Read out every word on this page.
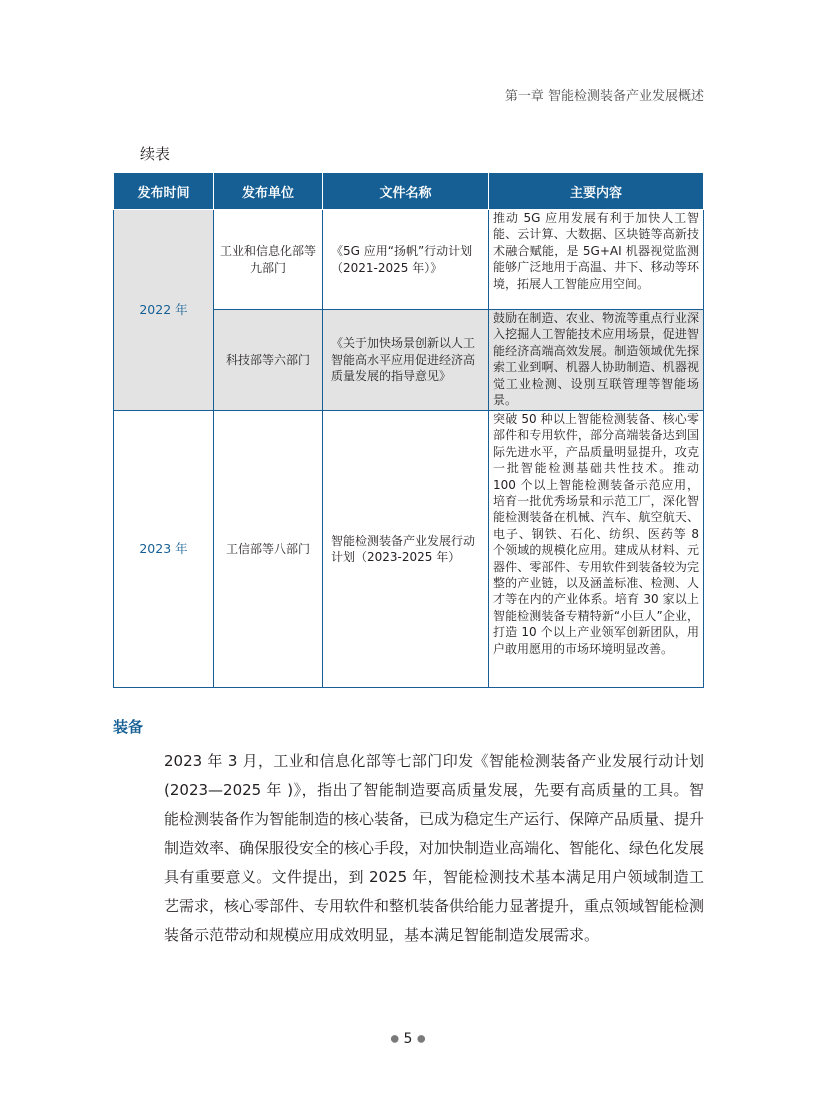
第一章 智能检测装备产业发展概述
续表
发布时间	发布单位	文件名称	主要内容
2022 年	工业和信息化部等九部门	《5G 应用“扬帆”行动计划（2021-2025 年）》	推动 5G 应用发展有利于加快人工智能、云计算、大数据、区块链等高新技术融合赋能，是 5G+AI 机器视觉监测能够广泛地用于高温、井下、移动等环境，拓展人工智能应用空间。
	科技部等六部门	《关于加快场景创新以人工智能高水平应用促进经济高质量发展的指导意见》	鼓励在制造、农业、物流等重点行业深入挖掘人工智能技术应用场景，促进智能经济高端高效发展。制造领域优先探索工业到啊、机器人协助制造、机器视觉工业检测、设別互联管理等智能场景。
2023 年	工信部等八部门	智能检测装备产业发展行动计划（2023-2025 年）	突破 50 种以上智能检测装备、核心零部件和专用软件，部分高端装备达到国际先进水平，产品质量明显提升，攻克一批智能检测基础共性技术。推动 100 个以上智能检测装备示范应用，培育一批优秀场景和示范工厂，深化智能检测装备在机械、汽车、航空航天、电子、钢铁、石化、纺织、医药等 8 个领域的规模化应用。建成从材料、元器件、零部件、专用软件到装备较为完整的产业链，以及涵盖标准、检测、人才等在内的产业体系。培育 30 家以上智能检测装备专精特新“小巨人”企业，打造 10 个以上产业领军创新团队，用户敢用愿用的市场环境明显改善。
装备

2023 年 3 月，工业和信息化部等七部门印发《智能检测装备产业发展行动计划(2023—2025 年 )》，指出了智能制造要高质量发展，先要有高质量的工具。智能检测装备作为智能制造的核心装备，已成为稳定生产运行、保障产品质量、提升制造效率、确保服役安全的核心手段，对加快制造业高端化、智能化、绿色化发展具有重要意义。文件提出，到 2025 年，智能检测技术基本满足用户领域制造工艺需求，核心零部件、专用软件和整机装备供给能力显著提升，重点领域智能检测装备示范带动和规模应用成效明显，基本满足智能制造发展需求。

● 5 ●
